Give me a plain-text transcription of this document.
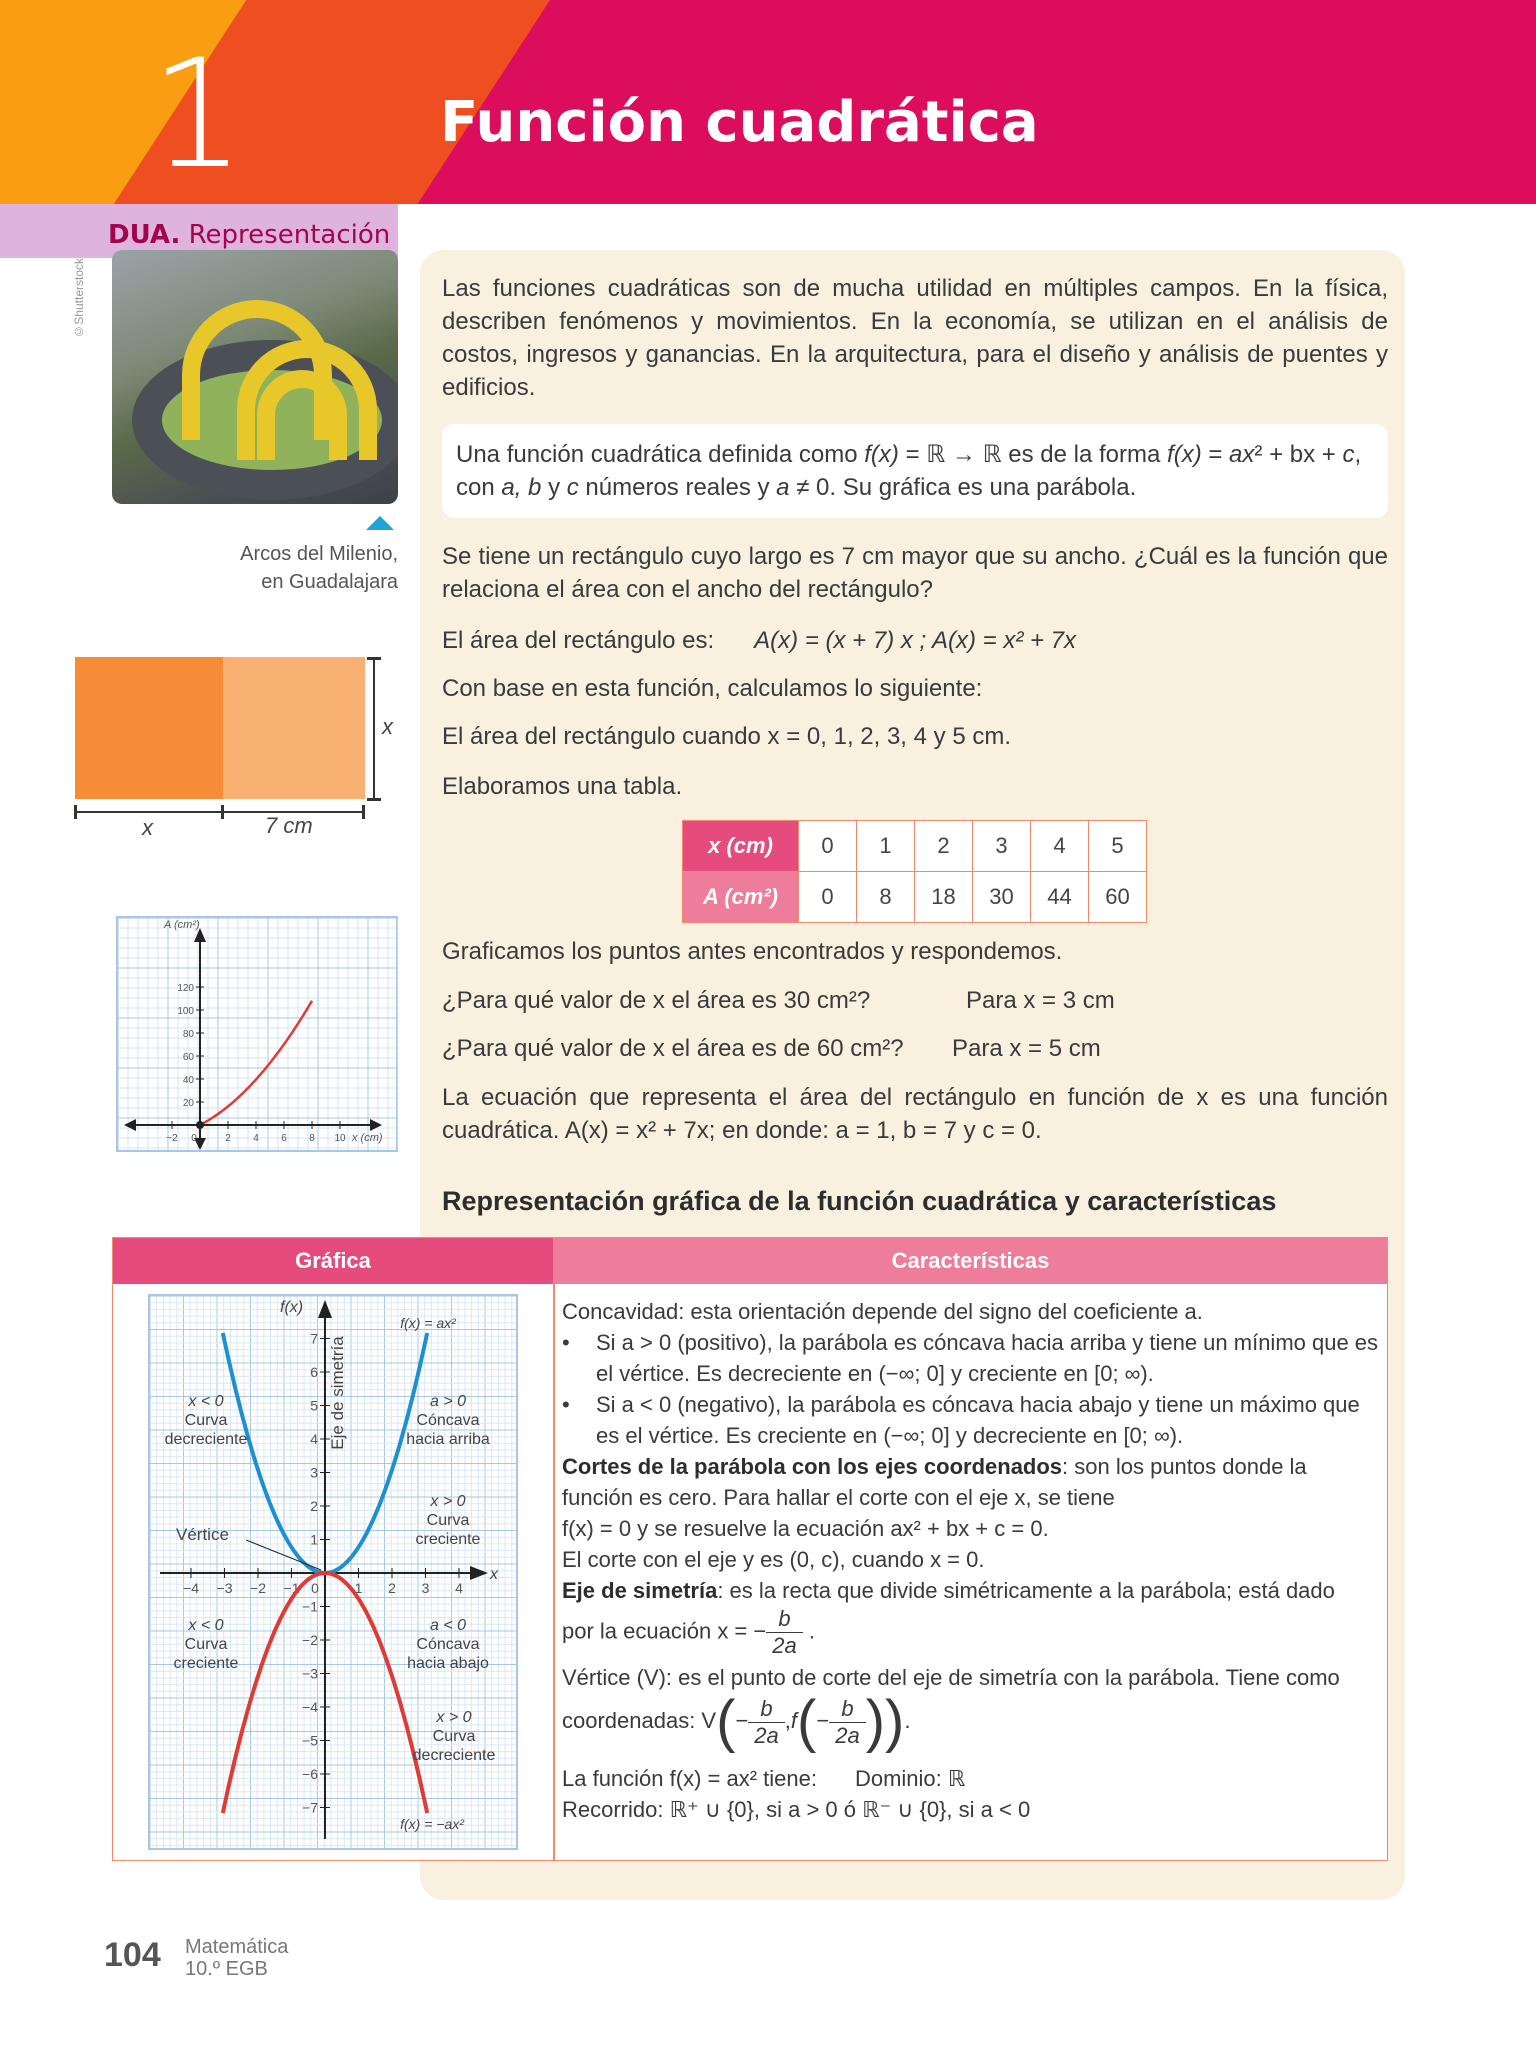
1	Función cuadrática
DUA. Representación
©Shutterstock
Arcos del Milenio,
en Guadalajara
x
x	7 cm
120
100
80
60
40
20
−2 0	2 4 6 8 10
A (cm²)
x (cm)
Las funciones cuadráticas son de mucha utilidad en múltiples campos. En la física, describen fenómenos y movimientos. En la economía, se utilizan en el análisis de costos, ingresos y ganancias. En la arquitectura, para el diseño y análisis de puentes y edificios.
Una función cuadrática definida como f(x) = ℝ → ℝ es de la forma f(x) = ax² + bx + c,
con a, b y c números reales y a ≠ 0. Su gráfica es una parábola.
Se tiene un rectángulo cuyo largo es 7 cm mayor que su ancho. ¿Cuál es la función que relaciona el área con el ancho del rectángulo?
El área del rectángulo es: A(x) = (x + 7) x ; A(x) = x² + 7x
Con base en esta función, calculamos lo siguiente:
El área del rectángulo cuando x = 0, 1, 2, 3, 4 y 5 cm.
Elaboramos una tabla.
x (cm)	0	1	2	3	4	5
A (cm²)	0	8	18	30	44	60
Graficamos los puntos antes encontrados y respondemos.
¿Para qué valor de x el área es 30 cm²?	Para x = 3 cm
¿Para qué valor de x el área es de 60 cm²?	Para x = 5 cm
La ecuación que representa el área del rectángulo en función de x es una función cuadrática. A(x) = x² + 7x; en donde: a = 1, b = 7 y c = 0.
Representación gráfica de la función cuadrática y características
Gráfica	Características
f(x)
x
7
6
5
4
3
2
1
−1
−2
−3
−4
−5
−6
−7
−4 −3 −2 −1 0	1 2 3 4
Eje de simetría
f(x) = ax²
f(x) = −ax²
Vértice
x < 0
Curva
decreciente
a > 0
Cóncava
hacia arriba
x > 0
Curva
creciente
x < 0
Curva
creciente
a < 0
Cóncava
hacia abajo
x > 0
Curva
decreciente
Concavidad: esta orientación depende del signo del coeficiente a.
• Si a > 0 (positivo), la parábola es cóncava hacia arriba y tiene un mínimo que es el vértice. Es decreciente en (−∞; 0] y creciente en [0; ∞).
• Si a < 0 (negativo), la parábola es cóncava hacia abajo y tiene un máximo que es el vértice. Es creciente en (−∞; 0] y decreciente en [0; ∞).
Cortes de la parábola con los ejes coordenados: son los puntos donde la función es cero. Para hallar el corte con el eje x, se tiene
f(x) = 0 y se resuelve la ecuación ax² + bx + c = 0.
El corte con el eje y es (0, c), cuando x = 0.
Eje de simetría: es la recta que divide simétricamente a la parábola; está dado
por la ecuación x = − $\frac{b}{2a}$ .
Vértice (V): es el punto de corte del eje de simetría con la parábola. Tiene como
coordenadas: $V(- \frac{b}{2a} ,f(- \frac{b}{2a}$ )).
La función f(x) = ax² tiene: Dominio: ℝ
Recorrido: ℝ⁺ ∪ {0}, si a > 0 ó ℝ⁻ ∪ {0}, si a < 0
104 Matemática
10.º EGB
